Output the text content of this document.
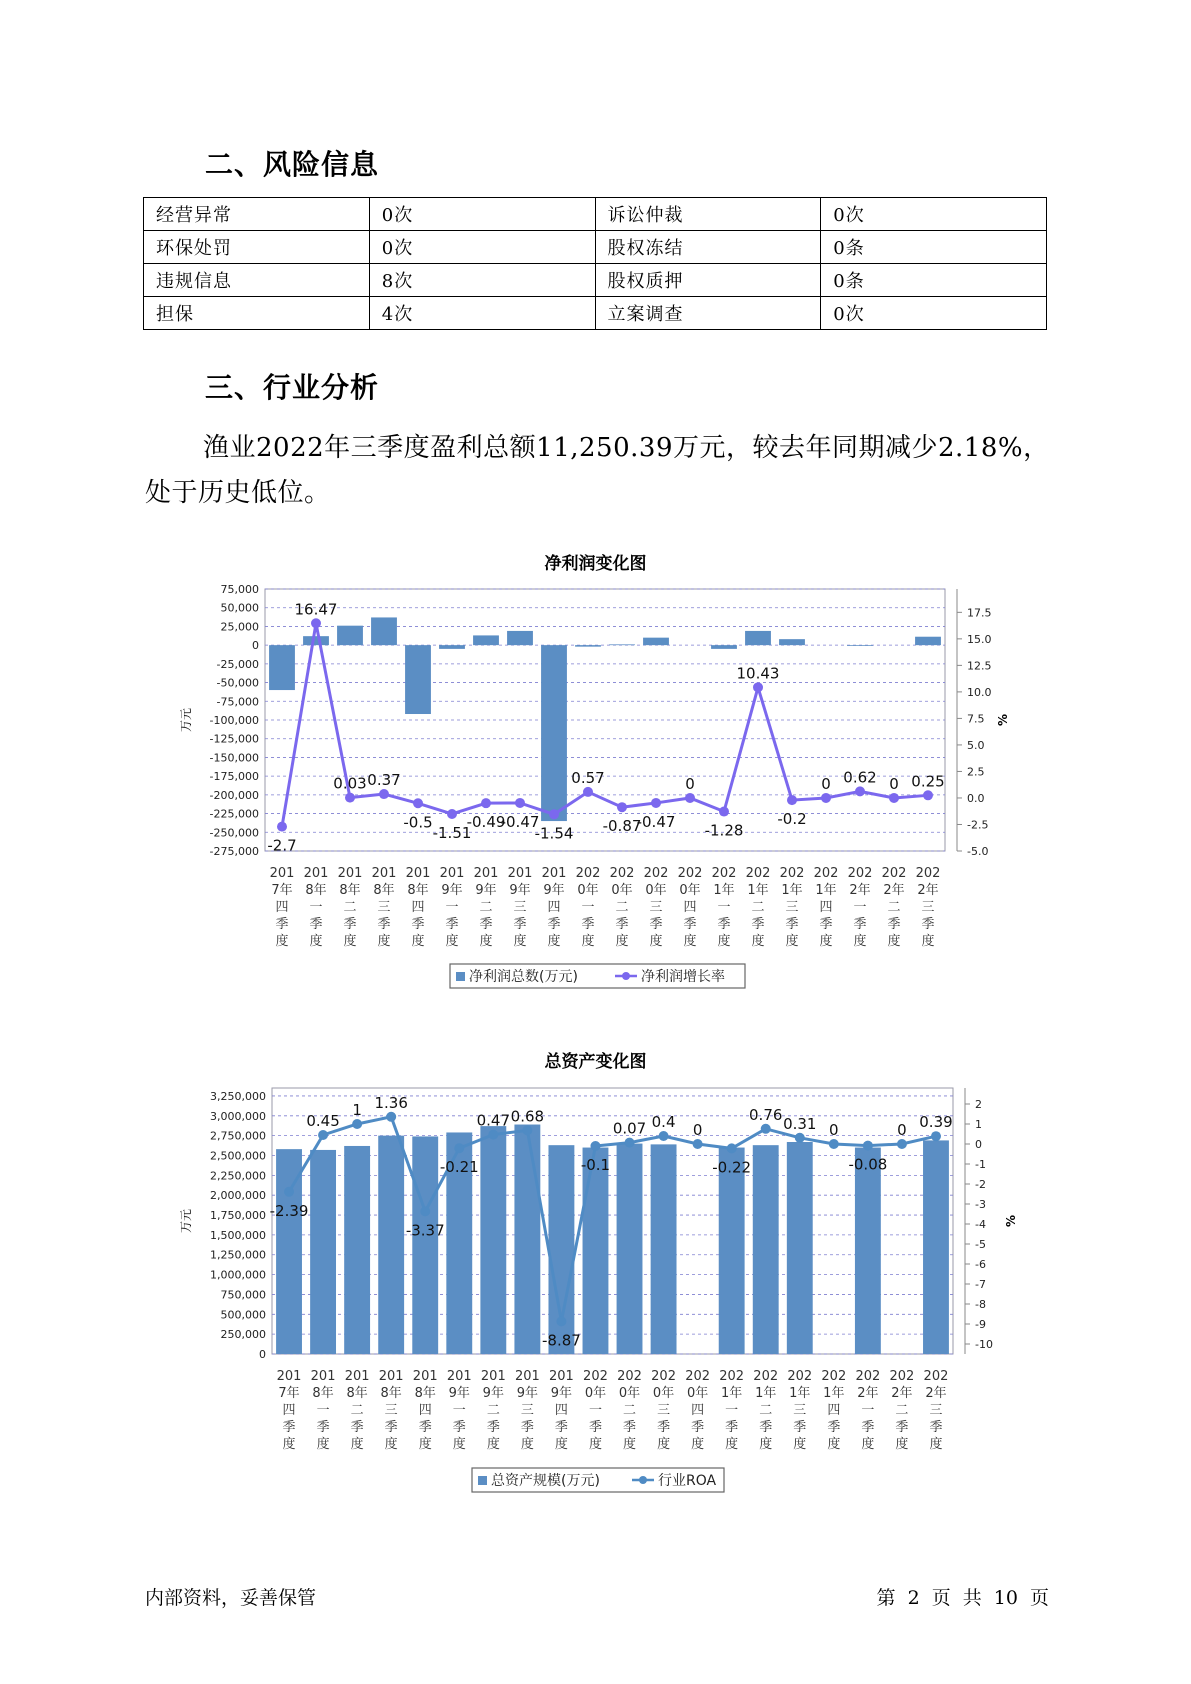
二、风险信息
经营异常	0次	诉讼仲裁	0次
环保处罚	0次	股权冻结	0条
违规信息	8次	股权质押	0条
担保	4次	立案调查	0次
三、行业分析

渔业2022年三季度盈利总额11,250.39万元，较去年同期减少2.18%，
处于历史低位。

净利润变化图
75,000
50,000
25,000
0
-25,000
-50,000
-75,000
-100,000
-125,000
-150,000
-175,000
-200,000
-225,000
-250,000
-275,000
17.5
15.0
12.5
10.0
7.5
5.0
2.5
0.0
-2.5
-5.0
万元	%
-2.7
16.47
0.03 0.37
-0.5
-1.51
-0.49
-0.47
-1.54
0.57
-0.87
-0.47
0
-1.28
10.43
-0.2
0 0.62 0 0.25
201 7年四季度
201 8年一季度
201 8年二季度
201 8年三季度
201 8年四季度
201 9年一季度
201 9年二季度
201 9年三季度
201 9年四季度
202 0年一季度
202 0年二季度
202 0年三季度
202 0年四季度
202 1年一季度
202 1年二季度
202 1年三季度
202 1年四季度
202 2年一季度
202 2年二季度
202 2年三季度
净利润总数(万元)	净利润增长率
总资产变化图
3,250,000
3,000,000
2,750,000
2,500,000
2,250,000
2,000,000
1,750,000
1,500,000
1,250,000
1,000,000
750,000
500,000
250,000
0
2
1
0
-1
-2
-3
-4
-5
-6
-7
-8
-9
-10
万元	%
-2.39
0.45
1 1.36
-3.37
-0.21
0.47 0.68
-8.87
-0.1
0.07 0.4 0
-0.22
0.76 0.31 0
-0.08
0 0.39
201 7年四季度
201 8年一季度
201 8年二季度
201 8年三季度
201 8年四季度
201 9年一季度
201 9年二季度
201 9年三季度
201 9年四季度
202 0年一季度
202 0年二季度
202 0年三季度
202 0年四季度
202 1年一季度
202 1年二季度
202 1年三季度
202 1年四季度
202 2年一季度
202 2年二季度
202 2年三季度
总资产规模(万元)	行业ROA
内部资料，妥善保管	第 2 页 共 10 页
